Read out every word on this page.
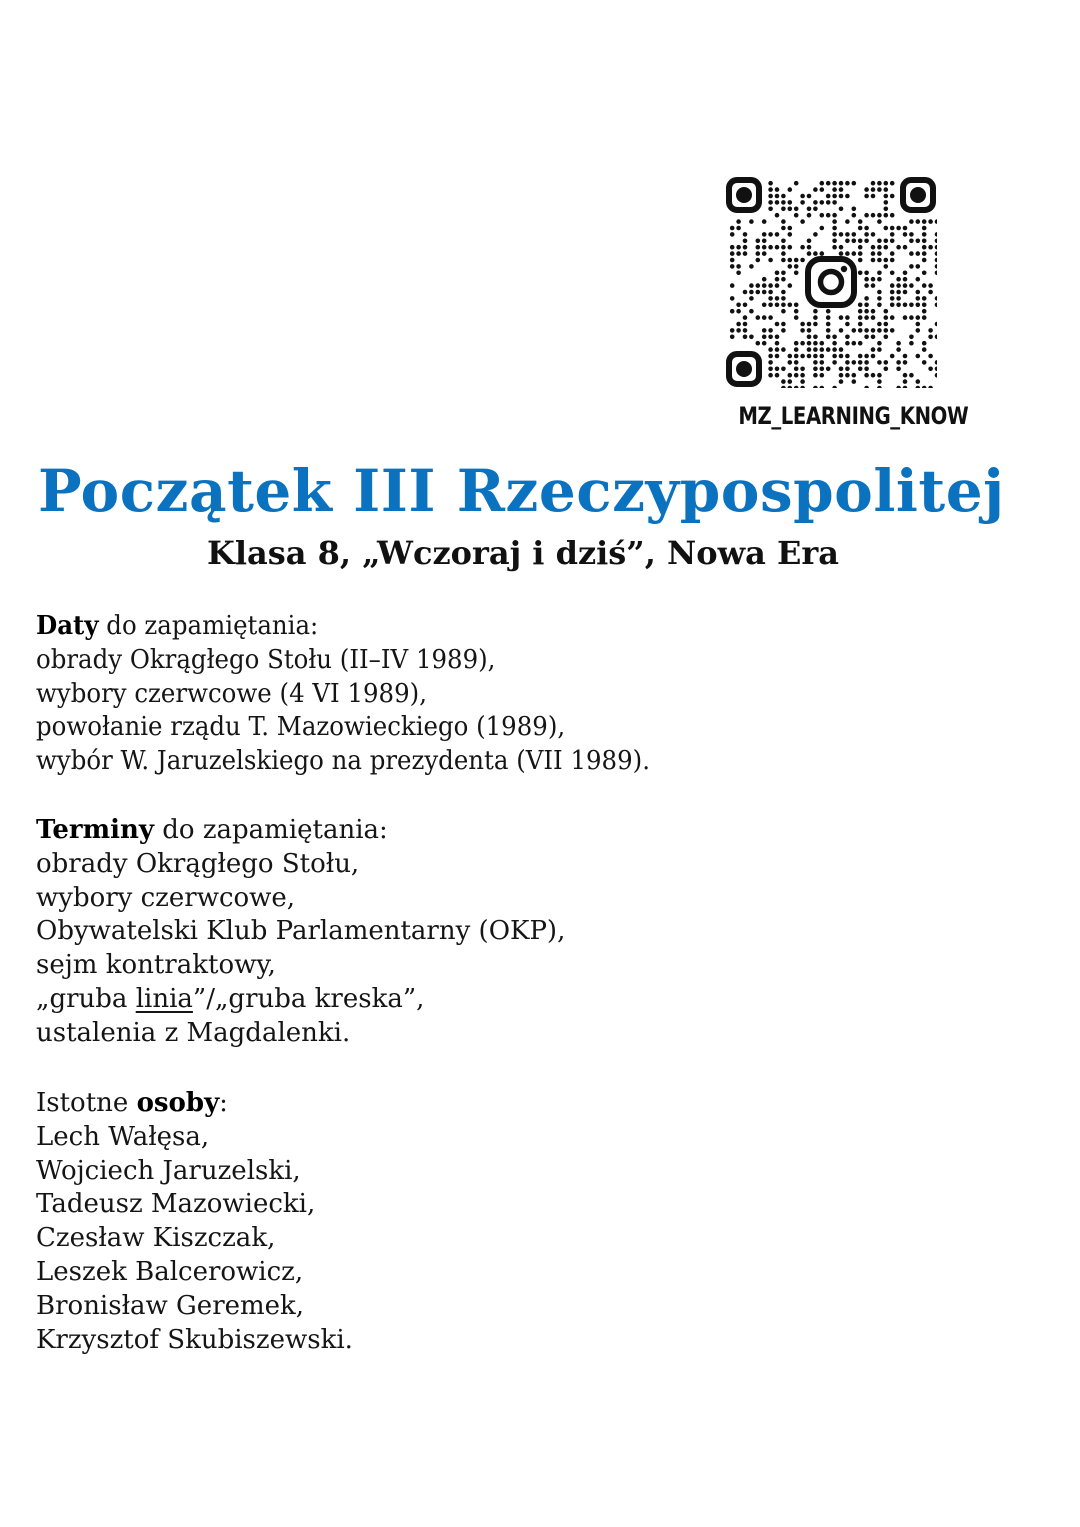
MZ_LEARNING_KNOW
Początek III Rzeczypospolitej
Klasa 8, „Wczoraj i dziś”, Nowa Era
Daty do zapamiętania:
obrady Okrągłego Stołu (II–IV 1989),
wybory czerwcowe (4 VI 1989),
powołanie rządu T. Mazowieckiego (1989),
wybór W. Jaruzelskiego na prezydenta (VII 1989).
Terminy do zapamiętania:
obrady Okrągłego Stołu,
wybory czerwcowe,
Obywatelski Klub Parlamentarny (OKP),
sejm kontraktowy,
„gruba linia”/„gruba kreska”,
ustalenia z Magdalenki.
Istotne osoby:
Lech Wałęsa,
Wojciech Jaruzelski,
Tadeusz Mazowiecki,
Czesław Kiszczak,
Leszek Balcerowicz,
Bronisław Geremek,
Krzysztof Skubiszewski.
